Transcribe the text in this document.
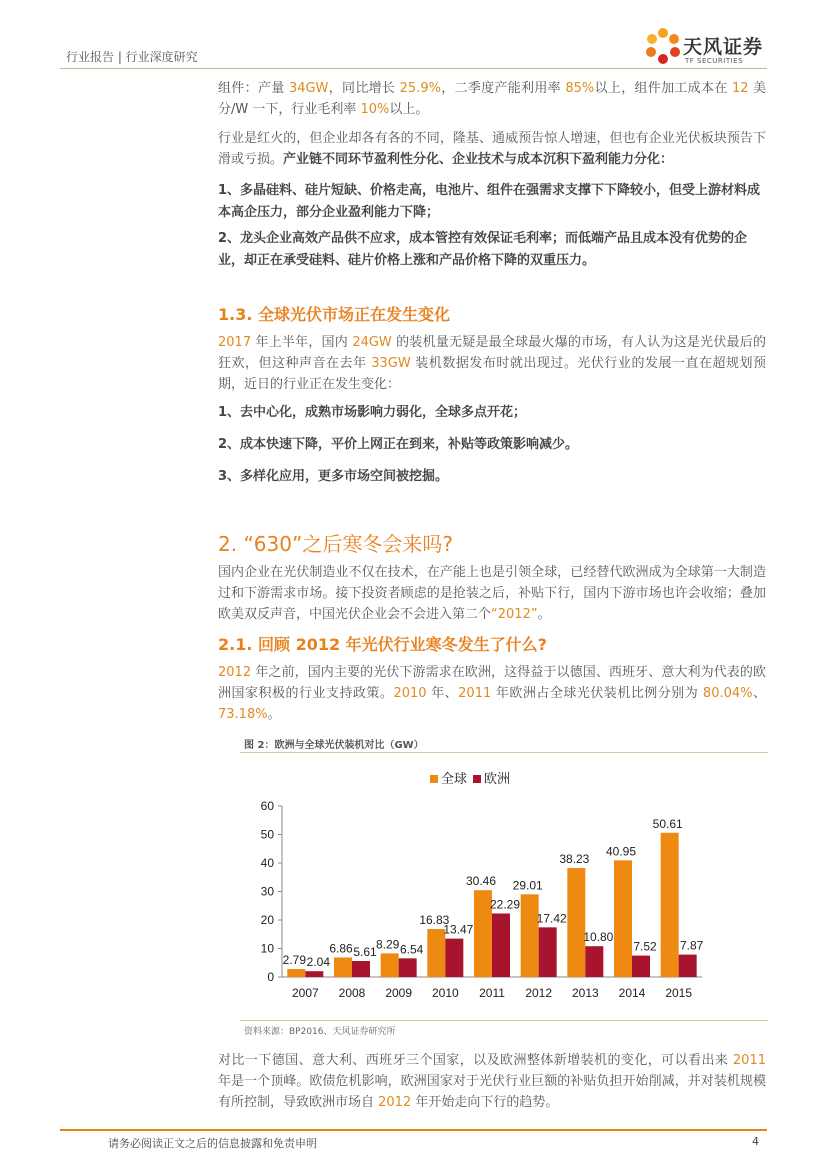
行业报告 | 行业深度研究	天风证券
TF SECURITIES
组件：产量 34GW，同比增长 25.9%，二季度产能利用率 85%以上，组件加工成本在 12 美分/W 一下，行业毛利率 10%以上。
行业是红火的，但企业却各有各的不同，隆基、通威预告惊人增速，但也有企业光伏板块预告下滑或亏损。产业链不同环节盈利性分化、企业技术与成本沉积下盈利能力分化：
1、多晶硅料、硅片短缺、价格走高，电池片、组件在强需求支撑下下降较小，但受上游材料成本高企压力，部分企业盈利能力下降；
2、龙头企业高效产品供不应求，成本管控有效保证毛利率；而低端产品且成本没有优势的企业，却正在承受硅料、硅片价格上涨和产品价格下降的双重压力。
1.3. 全球光伏市场正在发生变化
2017 年上半年，国内 24GW 的装机量无疑是最全球最火爆的市场，有人认为这是光伏最后的狂欢，但这种声音在去年 33GW 装机数据发布时就出现过。光伏行业的发展一直在超规划预期，近日的行业正在发生变化：
1、去中心化，成熟市场影响力弱化，全球多点开花；
2、成本快速下降，平价上网正在到来，补贴等政策影响减少。
3、多样化应用，更多市场空间被挖掘。
2. “630”之后寒冬会来吗?
国内企业在光伏制造业不仅在技术，在产能上也是引领全球，已经替代欧洲成为全球第一大制造过和下游需求市场。接下投资者顾虑的是抢装之后，补贴下行，国内下游市场也许会收缩；叠加欧美双反声音，中国光伏企业会不会进入第二个“2012”。
2.1. 回顾 2012 年光伏行业寒冬发生了什么?
2012 年之前，国内主要的光伏下游需求在欧洲，这得益于以德国、西班牙、意大利为代表的欧洲国家积极的行业支持政策。2010 年、2011 年欧洲占全球光伏装机比例分别为 80.04%、73.18%。
图 2：欧洲与全球光伏装机对比（GW）
全球 欧洲
0
10
20
30
40
50
60
2007 2008 2009 2010 2011 2012 2013 2014 2015
2.79 2.04
6.86 5.61
8.29 6.54
16.83
13.47
30.46
22.29
29.01
17.42
38.23
10.80
40.95
7.52
50.61
7.87
资料来源：BP2016、天风证券研究所
对比一下德国、意大利、西班牙三个国家，以及欧洲整体新增装机的变化，可以看出来 2011 年是一个顶峰。欧债危机影响，欧洲国家对于光伏行业巨额的补贴负担开始削减，并对装机规模有所控制，导致欧洲市场自 2012 年开始走向下行的趋势。
请务必阅读正文之后的信息披露和免责申明	4
